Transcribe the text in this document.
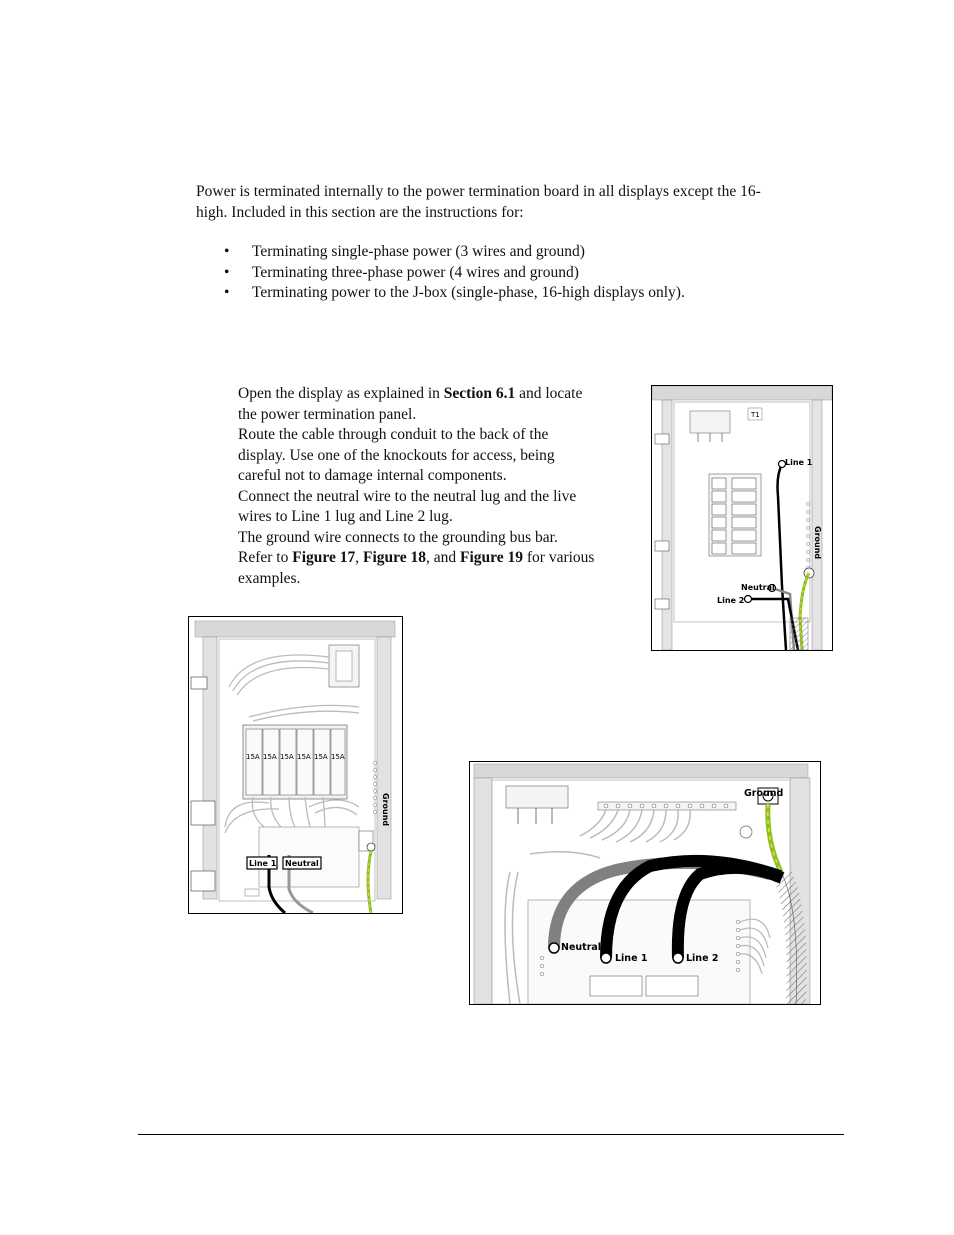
Power is terminated internally to the power termination board in all displays except the 16-
high. Included in this section are the instructions for:
• Terminating single-phase power (3 wires and ground)
• Terminating three-phase power (4 wires and ground)
• Terminating power to the J-box (single-phase, 16-high displays only).
Open the display as explained in Section 6.1 and locate
the power termination panel.
Route the cable through conduit to the back of the
display. Use one of the knockouts for access, being
careful not to damage internal components.
Connect the neutral wire to the neutral lug and the live
wires to Line 1 lug and Line 2 lug.
The ground wire connects to the grounding bus bar.
Refer to Figure 17, Figure 18, and Figure 19 for various
examples.
T1
Ground
Line 1
Neutral
Line 2
15A 15A 15A 15A 15A 15A
Ground
Line 1 Neutral
Ground
Neutral
Line 1	Line 2
